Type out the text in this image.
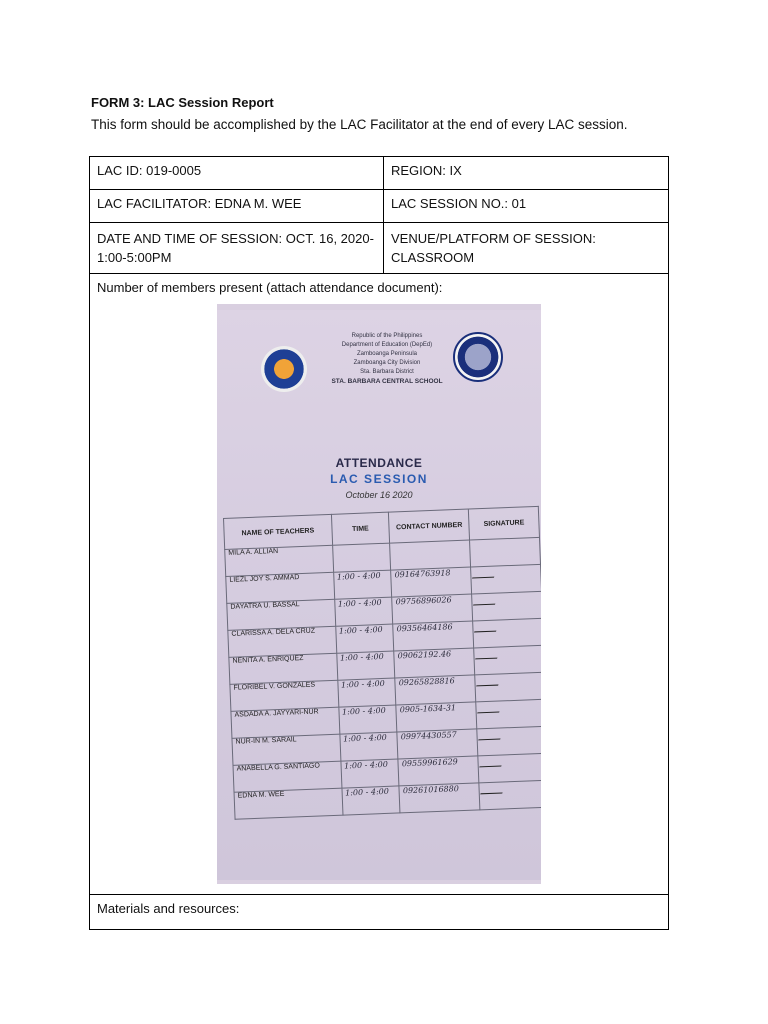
FORM 3: LAC Session Report
This form should be accomplished by the LAC Facilitator at the end of every LAC session.
LAC ID: 019-0005	REGION: IX
LAC FACILITATOR: EDNA M. WEE	LAC SESSION NO.: 01
DATE AND TIME OF SESSION: OCT. 16, 2020-1:00-5:00PM	VENUE/PLATFORM OF SESSION: CLASSROOM

Number of members present (attach attendance document):
Republic of the Philippines
Department of Education (DepEd)
Zamboanga Peninsula
Zamboanga City Division
Sta. Barbara District
STA. BARBARA CENTRAL SCHOOL
ATTENDANCE
LAC SESSION
October 16 2020
NAME OF TEACHERS	TIME	CONTACT NUMBER	SIGNATURE
MILA A. ALLIAN			
LIEZL JOY S. AMMAD	1:00 - 4:00	09164763918	
DAYATRA U. BASSAL	1:00 - 4:00	09756896026	
CLARISSA A. DELA CRUZ	1:00 - 4:00	09356464186	
NENITA A. ENRIQUEZ	1:00 - 4:00	09062192.46	
FLORIBEL V. GONZALES	1:00 - 4:00	09265828816	
ASDADA A. JAYYARI-NUR	1:00 - 4:00	0905-1634-31	
NUR-IN M. SARAIL	1:00 - 4:00	09974430557	
ANABELLA G. SANTIAGO	1:00 - 4:00	09559961629	
EDNA M. WEE	1:00 - 4:00	09261016880	

Materials and resources:
